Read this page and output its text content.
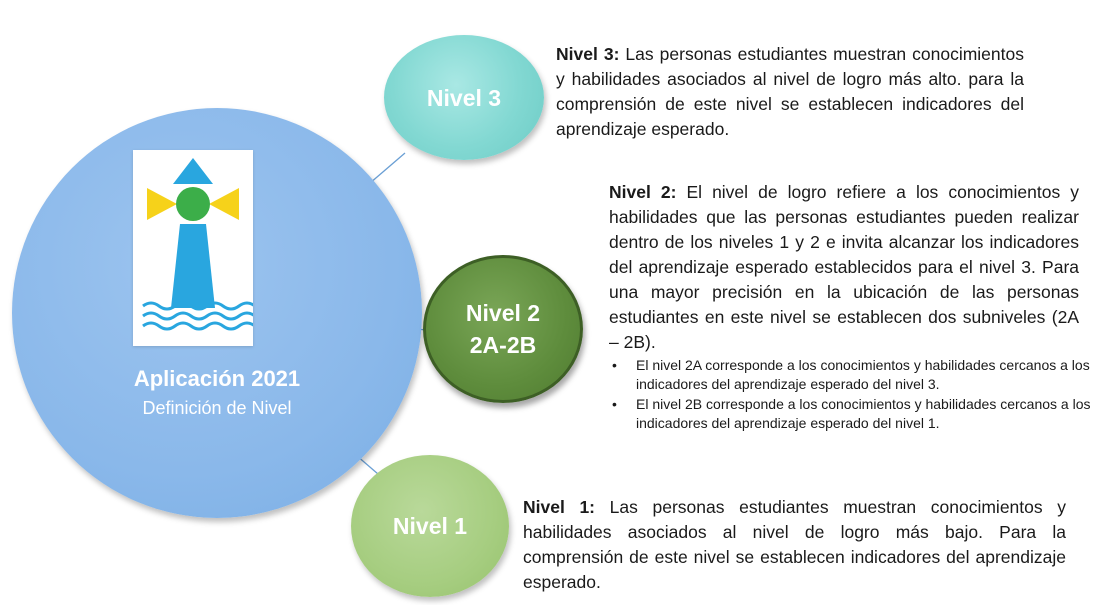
Aplicación 2021
Definición de Nivel
Nivel 3
Nivel 2
2A-2B
Nivel 1
Nivel 3: Las personas estudiantes muestran conocimientos y habilidades asociados al nivel de logro más alto. para la comprensión de este nivel se establecen indicadores del aprendizaje esperado.
Nivel 2: El nivel de logro refiere a los conocimientos y habilidades que las personas estudiantes pueden realizar dentro de los niveles 1 y 2 e invita alcanzar los indicadores del aprendizaje esperado establecidos para el nivel 3. Para una mayor precisión en la ubicación de las personas estudiantes en este nivel se establecen dos subniveles (2A – 2B).
• El nivel 2A corresponde a los conocimientos y habilidades cercanos a los indicadores del aprendizaje esperado del nivel 3.
• El nivel 2B corresponde a los conocimientos y habilidades cercanos a los indicadores del aprendizaje esperado del nivel 1.
Nivel 1: Las personas estudiantes muestran conocimientos y habilidades asociados al nivel de logro más bajo. Para la comprensión de este nivel se establecen indicadores del aprendizaje esperado.
